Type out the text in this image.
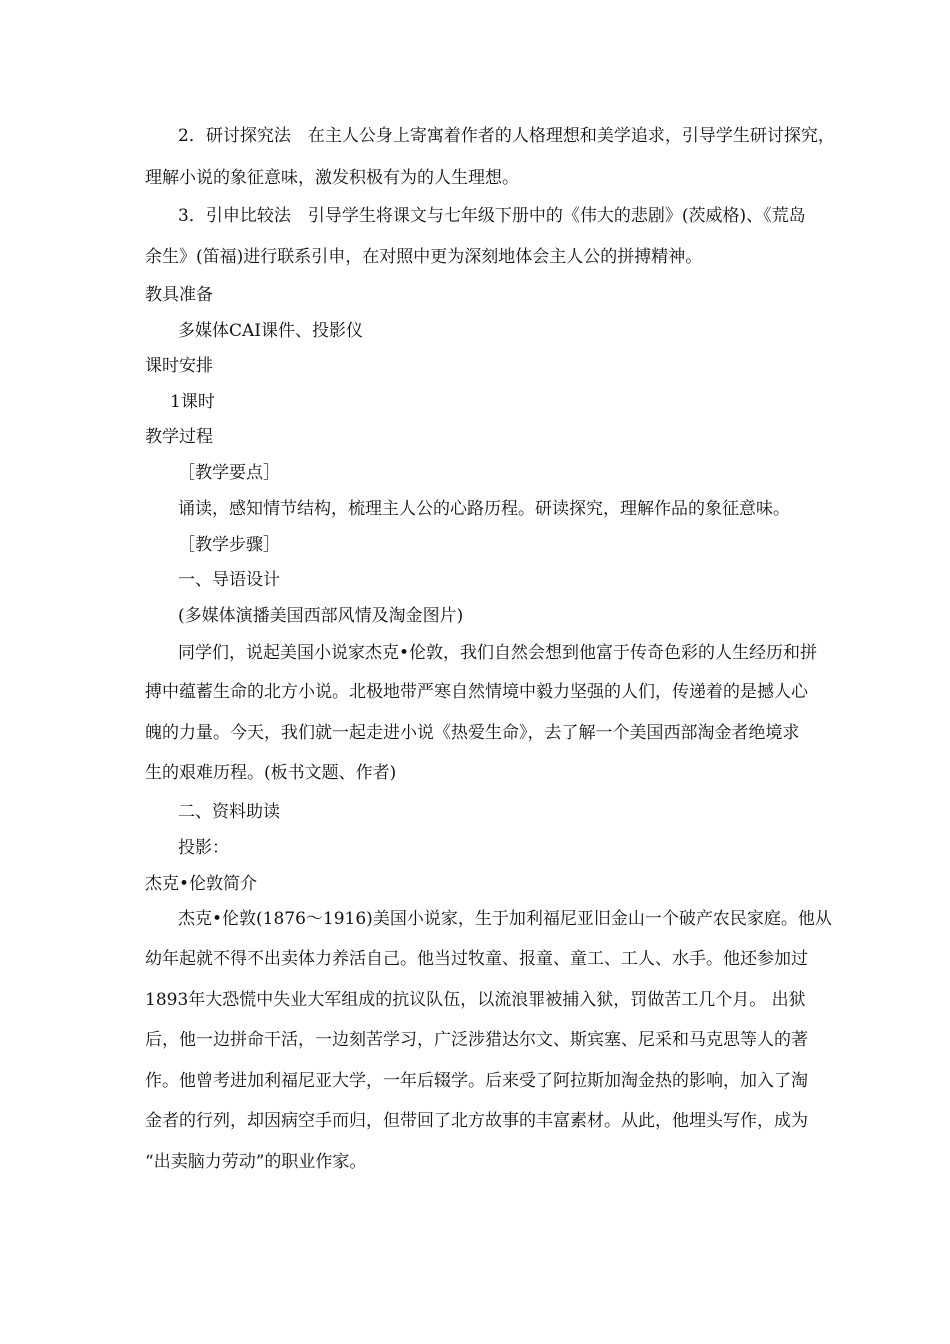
2．研讨探究法　在主人公身上寄寓着作者的人格理想和美学追求，引导学生研讨探究，
理解小说的象征意味，激发积极有为的人生理想。
3．引申比较法　引导学生将课文与七年级下册中的《伟大的悲剧》(茨威格)、《荒岛
余生》(笛福)进行联系引申，在对照中更为深刻地体会主人公的拼搏精神。
教具准备
多媒体CAI课件、投影仪
课时安排
1课时
教学过程
［教学要点］
诵读，感知情节结构，梳理主人公的心路历程。研读探究，理解作品的象征意味。
［教学步骤］
一、导语设计
(多媒体演播美国西部风情及淘金图片)
同学们，说起美国小说家杰克•伦敦，我们自然会想到他富于传奇色彩的人生经历和拼
搏中蕴蓄生命的北方小说。北极地带严寒自然情境中毅力坚强的人们，传递着的是撼人心
魄的力量。今天，我们就一起走进小说《热爱生命》，去了解一个美国西部淘金者绝境求
生的艰难历程。(板书文题、作者)
二、资料助读
投影：
杰克•伦敦简介
杰克•伦敦(1876～1916)美国小说家，生于加利福尼亚旧金山一个破产农民家庭。他从
幼年起就不得不出卖体力养活自己。他当过牧童、报童、童工、工人、水手。他还参加过
1893年大恐慌中失业大军组成的抗议队伍，以流浪罪被捕入狱，罚做苦工几个月。 出狱
后，他一边拼命干活，一边刻苦学习，广泛涉猎达尔文、斯宾塞、尼采和马克思等人的著
作。他曾考进加利福尼亚大学，一年后辍学。后来受了阿拉斯加淘金热的影响，加入了淘
金者的行列，却因病空手而归，但带回了北方故事的丰富素材。从此，他埋头写作，成为
“出卖脑力劳动”的职业作家。
